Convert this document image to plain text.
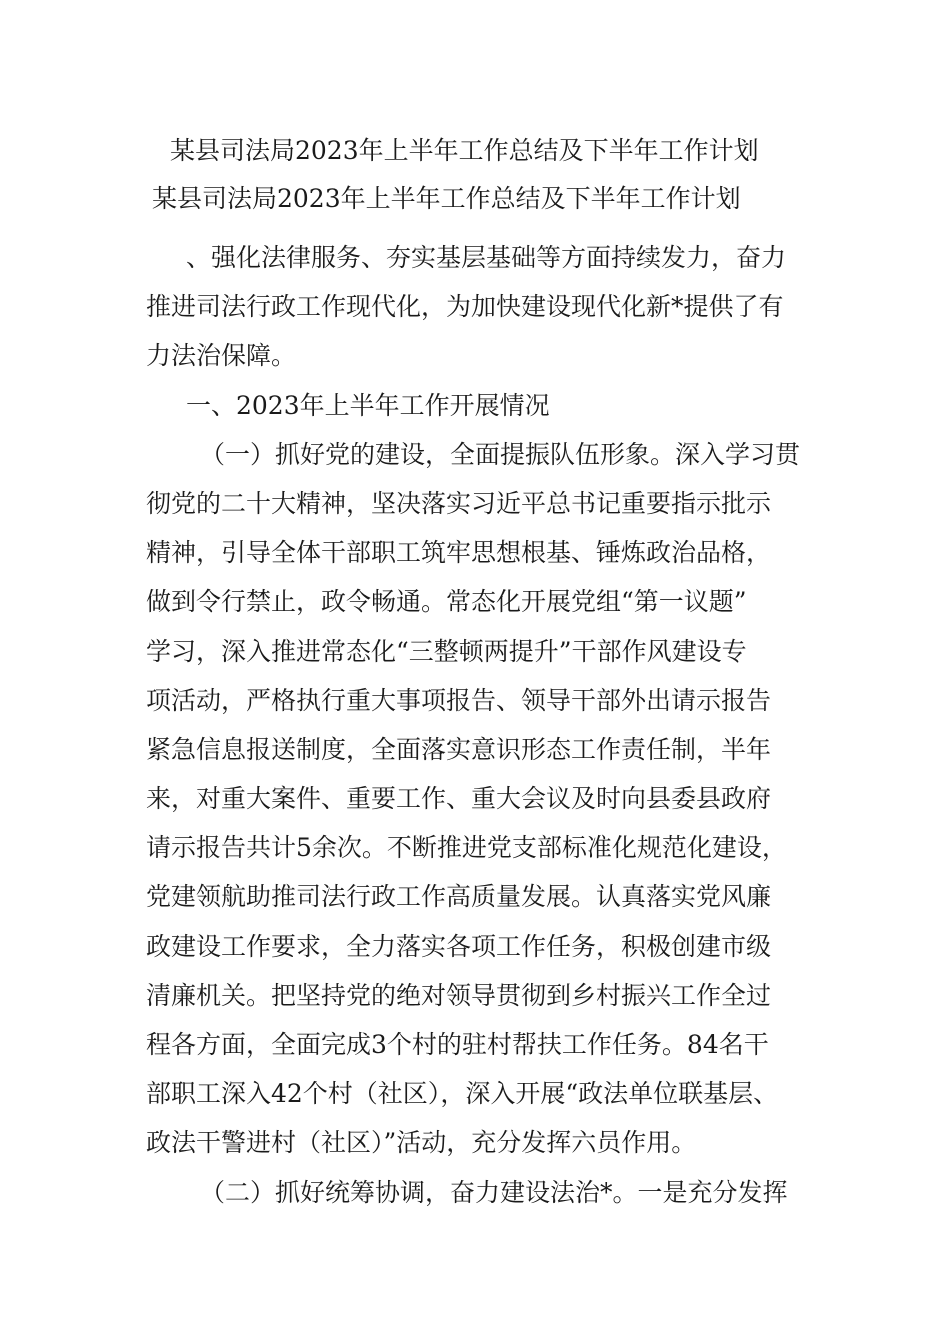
某县司法局2023年上半年工作总结及下半年工作计划
某县司法局2023年上半年工作总结及下半年工作计划
、强化法律服务、夯实基层基础等方面持续发力，奋力
推进司法行政工作现代化，为加快建设现代化新*提供了有
力法治保障。
一、2023年上半年工作开展情况
（一）抓好党的建设，全面提振队伍形象。深入学习贯
彻党的二十大精神，坚决落实习近平总书记重要指示批示
精神，引导全体干部职工筑牢思想根基、锤炼政治品格，
做到令行禁止，政令畅通。常态化开展党组“第一议题”
学习，深入推进常态化“三整顿两提升”干部作风建设专
项活动，严格执行重大事项报告、领导干部外出请示报告
紧急信息报送制度，全面落实意识形态工作责任制，半年
来，对重大案件、重要工作、重大会议及时向县委县政府
请示报告共计5余次。不断推进党支部标准化规范化建设，
党建领航助推司法行政工作高质量发展。认真落实党风廉
政建设工作要求，全力落实各项工作任务，积极创建市级
清廉机关。把坚持党的绝对领导贯彻到乡村振兴工作全过
程各方面，全面完成3个村的驻村帮扶工作任务。84名干
部职工深入42个村（社区），深入开展“政法单位联基层、
政法干警进村（社区）”活动，充分发挥六员作用。
（二）抓好统筹协调，奋力建设法治*。一是充分发挥
